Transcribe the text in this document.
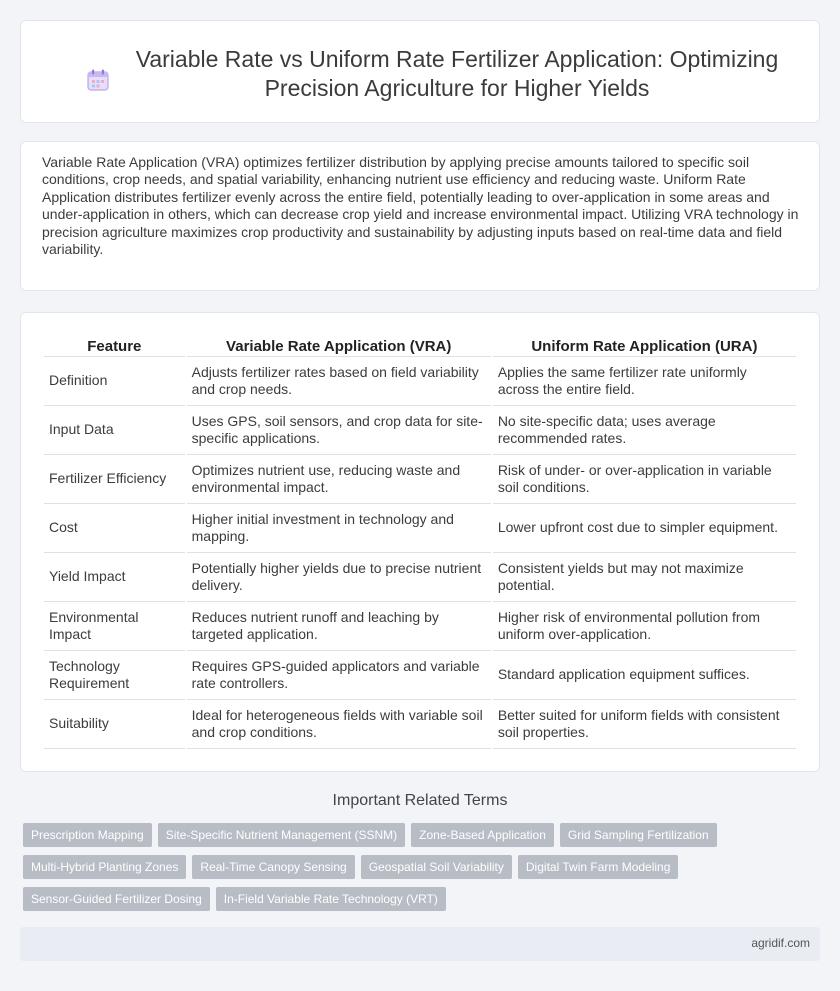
Variable Rate vs Uniform Rate Fertilizer Application: Optimizing Precision Agriculture for Higher Yields

Variable Rate Application (VRA) optimizes fertilizer distribution by applying precise amounts tailored to specific soil conditions, crop needs, and spatial variability, enhancing nutrient use efficiency and reducing waste. Uniform Rate Application distributes fertilizer evenly across the entire field, potentially leading to over-application in some areas and under-application in others, which can decrease crop yield and increase environmental impact. Utilizing VRA technology in precision agriculture maximizes crop productivity and sustainability by adjusting inputs based on real-time data and field variability.

Feature	Variable Rate Application (VRA)	Uniform Rate Application (URA)
Definition	Adjusts fertilizer rates based on field variability and crop needs.	Applies the same fertilizer rate uniformly across the entire field.
Input Data	Uses GPS, soil sensors, and crop data for site-specific applications.	No site-specific data; uses average recommended rates.
Fertilizer Efficiency	Optimizes nutrient use, reducing waste and environmental impact.	Risk of under- or over-application in variable soil conditions.
Cost	Higher initial investment in technology and mapping.	Lower upfront cost due to simpler equipment.
Yield Impact	Potentially higher yields due to precise nutrient delivery.	Consistent yields but may not maximize potential.
Environmental Impact	Reduces nutrient runoff and leaching by targeted application.	Higher risk of environmental pollution from uniform over-application.
Technology Requirement	Requires GPS-guided applicators and variable rate controllers.	Standard application equipment suffices.
Suitability	Ideal for heterogeneous fields with variable soil and crop conditions.	Better suited for uniform fields with consistent soil properties.
Important Related Terms
Prescription Mapping	Site-Specific Nutrient Management (SSNM)	Zone-Based Application	Grid Sampling Fertilization
Multi-Hybrid Planting Zones	Real-Time Canopy Sensing	Geospatial Soil Variability	Digital Twin Farm Modeling
Sensor-Guided Fertilizer Dosing	In-Field Variable Rate Technology (VRT)
agridif.com
